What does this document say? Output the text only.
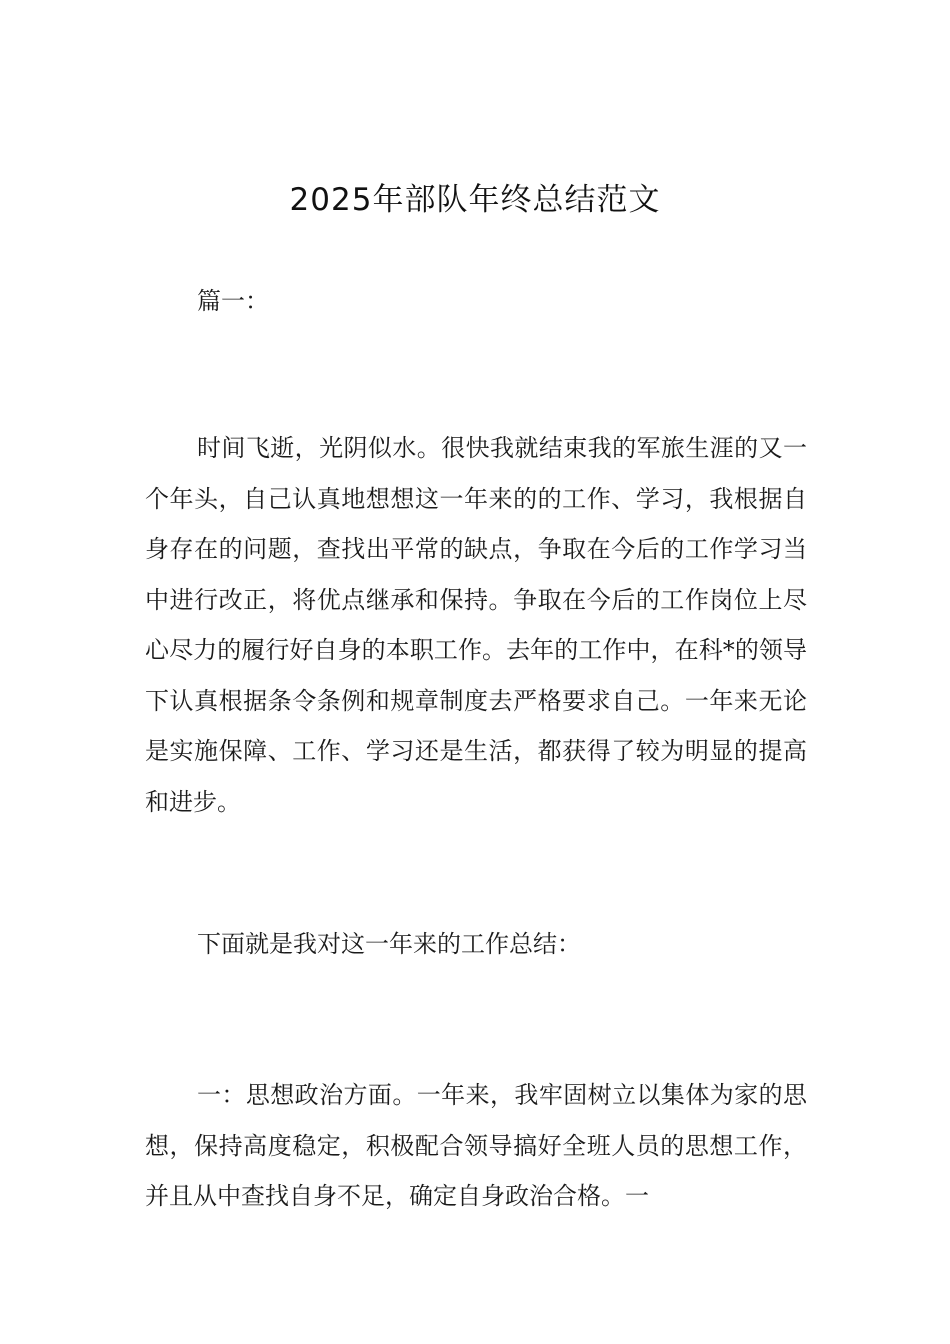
2025年部队年终总结范文
篇一：

时间飞逝，光阴似水。很快我就结束我的军旅生涯的又一个年头，自己认真地想想这一年来的的工作、学习，我根据自身存在的问题，查找出平常的缺点，争取在今后的工作学习当中进行改正，将优点继承和保持。争取在今后的工作岗位上尽心尽力的履行好自身的本职工作。去年的工作中，在科*的领导下认真根据条令条例和规章制度去严格要求自己。一年来无论是实施保障、工作、学习还是生活，都获得了较为明显的提高和进步。

下面就是我对这一年来的工作总结：

一：思想政治方面。一年来，我牢固树立以集体为家的思想，保持高度稳定，积极配合领导搞好全班人员的思想工作，并且从中查找自身不足，确定自身政治合格。一
